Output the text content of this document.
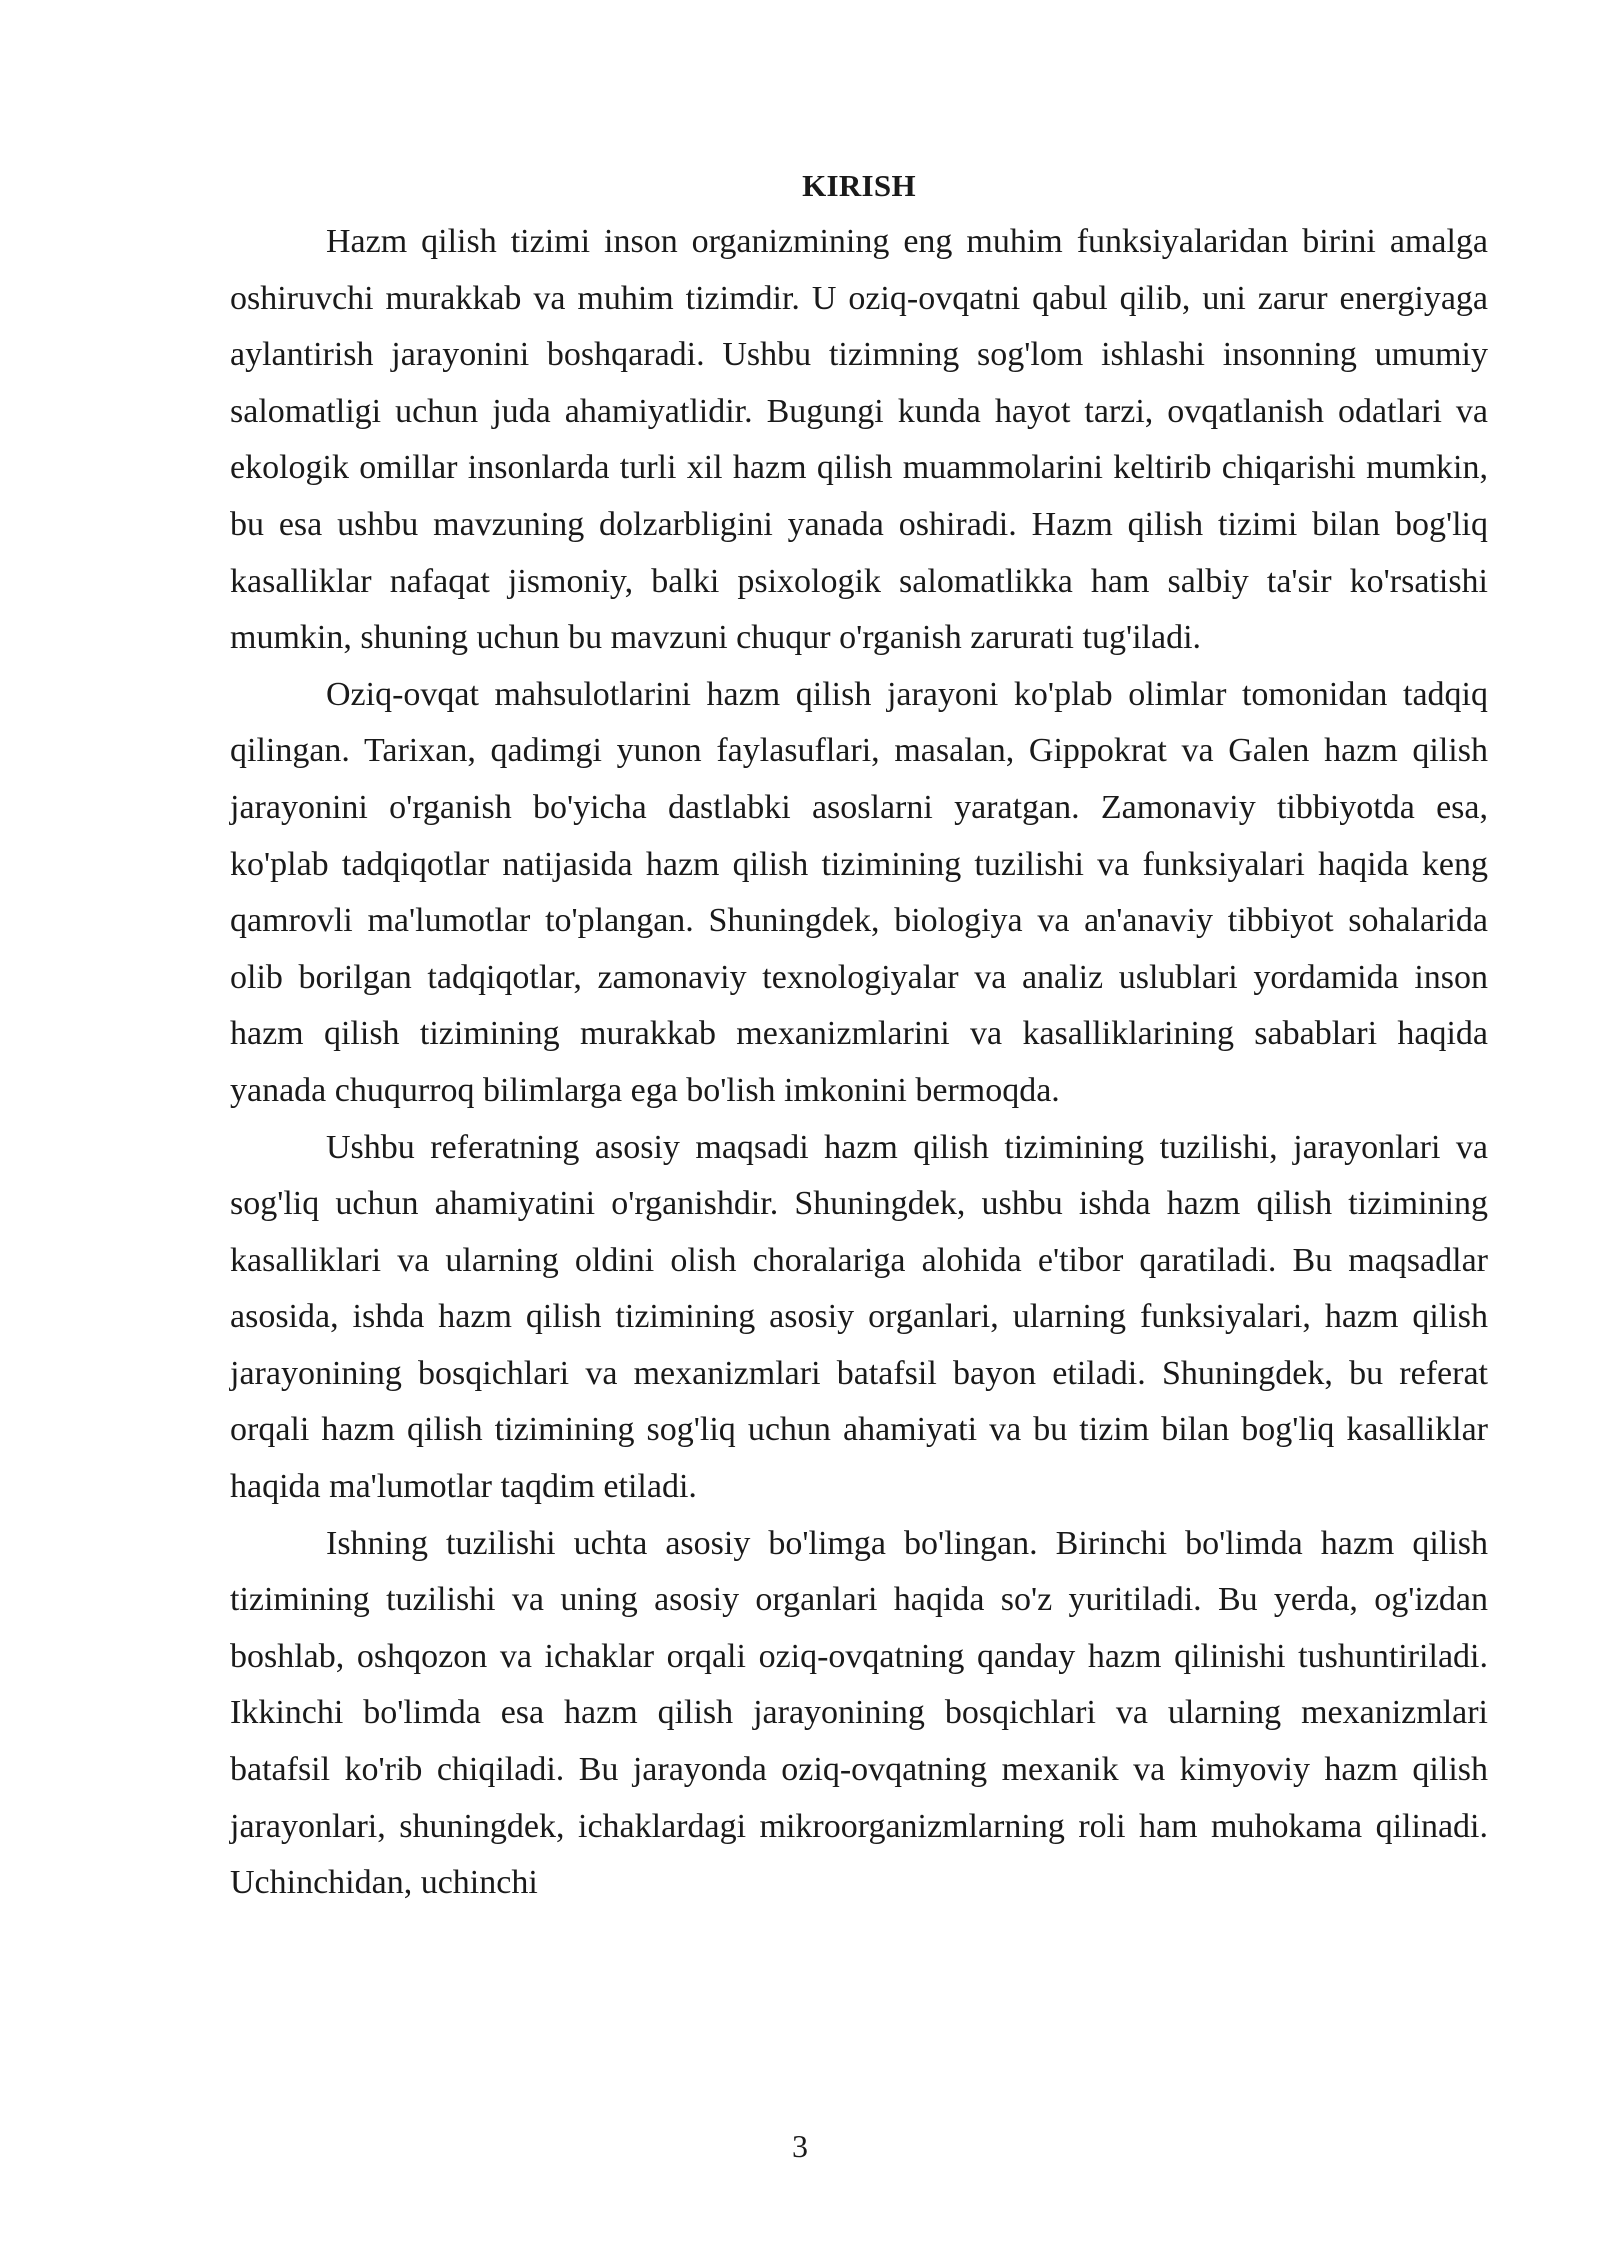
KIRISH

Hazm qilish tizimi inson organizmining eng muhim funksiyalaridan birini amalga oshiruvchi murakkab va muhim tizimdir. U oziq-ovqatni qabul qilib, uni zarur energiyaga aylantirish jarayonini boshqaradi. Ushbu tizimning sog'lom ishlashi insonning umumiy salomatligi uchun juda ahamiyatlidir. Bugungi kunda hayot tarzi, ovqatlanish odatlari va ekologik omillar insonlarda turli xil hazm qilish muammolarini keltirib chiqarishi mumkin, bu esa ushbu mavzuning dolzarbligini yanada oshiradi. Hazm qilish tizimi bilan bog'liq kasalliklar nafaqat jismoniy, balki psixologik salomatlikka ham salbiy ta'sir ko'rsatishi mumkin, shuning uchun bu mavzuni chuqur o'rganish zarurati tug'iladi.

Oziq-ovqat mahsulotlarini hazm qilish jarayoni ko'plab olimlar tomonidan tadqiq qilingan. Tarixan, qadimgi yunon faylasuflari, masalan, Gippokrat va Galen hazm qilish jarayonini o'rganish bo'yicha dastlabki asoslarni yaratgan. Zamonaviy tibbiyotda esa, ko'plab tadqiqotlar natijasida hazm qilish tizimining tuzilishi va funksiyalari haqida keng qamrovli ma'lumotlar to'plangan. Shuningdek, biologiya va an'anaviy tibbiyot sohalarida olib borilgan tadqiqotlar, zamonaviy texnologiyalar va analiz uslublari yordamida inson hazm qilish tizimining murakkab mexanizmlarini va kasalliklarining sabablari haqida yanada chuqurroq bilimlarga ega bo'lish imkonini bermoqda.

Ushbu referatning asosiy maqsadi hazm qilish tizimining tuzilishi, jarayonlari va sog'liq uchun ahamiyatini o'rganishdir. Shuningdek, ushbu ishda hazm qilish tizimining kasalliklari va ularning oldini olish choralariga alohida e'tibor qaratiladi. Bu maqsadlar asosida, ishda hazm qilish tizimining asosiy organlari, ularning funksiyalari, hazm qilish jarayonining bosqichlari va mexanizmlari batafsil bayon etiladi. Shuningdek, bu referat orqali hazm qilish tizimining sog'liq uchun ahamiyati va bu tizim bilan bog'liq kasalliklar haqida ma'lumotlar taqdim etiladi.

Ishning tuzilishi uchta asosiy bo'limga bo'lingan. Birinchi bo'limda hazm qilish tizimining tuzilishi va uning asosiy organlari haqida so'z yuritiladi. Bu yerda, og'izdan boshlab, oshqozon va ichaklar orqali oziq-ovqatning qanday hazm qilinishi tushuntiriladi. Ikkinchi bo'limda esa hazm qilish jarayonining bosqichlari va ularning mexanizmlari batafsil ko'rib chiqiladi. Bu jarayonda oziq-ovqatning mexanik va kimyoviy hazm qilish jarayonlari, shuningdek, ichaklardagi mikroorganizmlarning roli ham muhokama qilinadi. Uchinchidan, uchinchi

3
